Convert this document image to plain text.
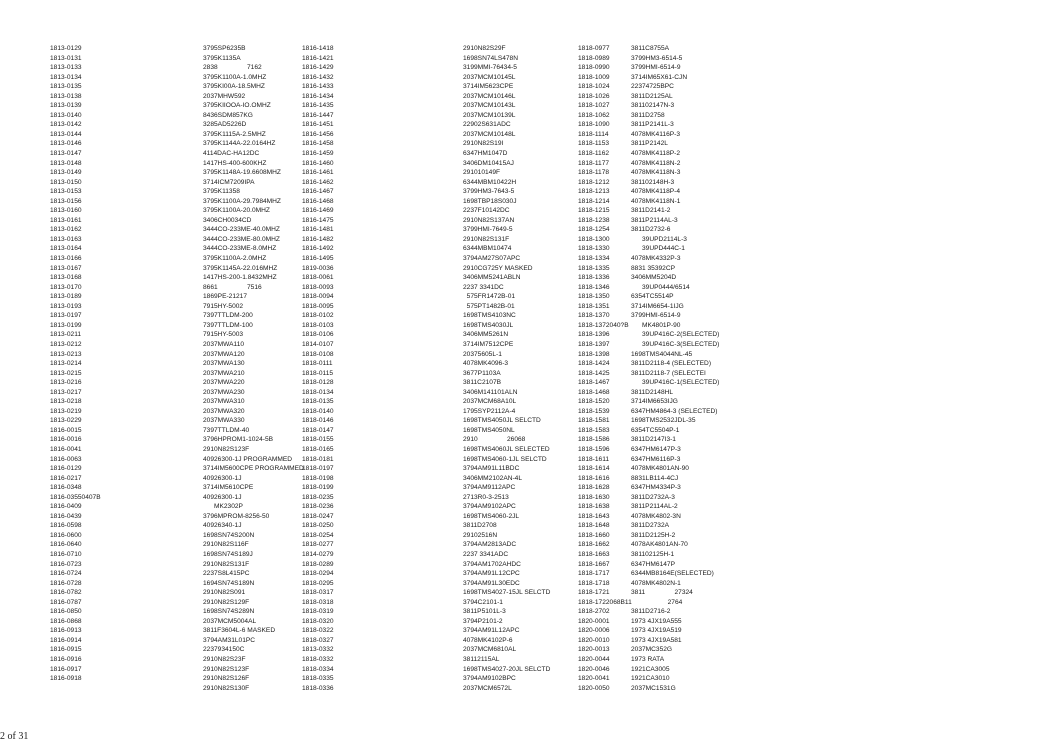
1813-0129
1813-0131
1813-0133
1813-0134
1813-0135
1813-0138
1813-0139
1813-0140
1813-0142
1813-0144
1813-0146
1813-0147
1813-0148
1813-0149
1813-0150
1813-0153
1813-0156
1813-0160
1813-0161
1813-0162
1813-0163
1813-0164
1813-0166
1813-0167
1813-0168
1813-0170
1813-0189
1813-0193
1813-0197
1813-0199
1813-0211
1813-0212
1813-0213
1813-0214
1813-0215
1813-0216
1813-0217
1813-0218
1813-0219
1813-0229
1816-0015
1816-0016
1816-0041
1816-0063
1816-0129
1816-0217
1816-0348
1816-03550407B
1816-0409
1816-0439
1816-0598
1816-0600
1816-0640
1816-0710
1816-0723
1816-0724
1816-0728
1816-0782
1816-0787
1816-0850
1816-0868
1816-0913
1816-0914
1816-0915
1816-0916
1816-0917
1816-0918
3795SP6235B
3795K1135A
2838                7162
3795K1100A-1.0MHZ
3795KI00A-18.5MHZ
2037MHW592
3795KIIOOA-IO.OMHZ
8436SDM857KG
3285AD5226D
3795K1115A-2.5MHZ
3795K1144A-22.0164HZ
4114DAC-HA12DC
1417HS-400-600KHZ
3795K1148A-19.6608MHZ
3714ICM7209IPA
3795K11358
3795K1100A-29.7984MHZ
3795K1100A-20.0MHZ
3406CH0034CD
3444CO-233ME-40.0MHZ
3444CO-233ME-80.0MHZ
3444CO-233ME-8.0MHZ
3795K1100A-2.0MHZ
3795K1145A-22.016MHZ
1417HS-200-1.8432MHZ
8661                7516
1869PE-21217
7915HY-5002
7397TTLDM-200
7397TTLDM-100
7915HY-5003
2037MWA110
2037MWA120
2037MWA130
2037MWA210
2037MWA220
2037MWA230
2037MWA310
2037MWA320
2037MWA330
7397TTLDM-40
3796HPROM1-1024-5B
2910N82S123F
40926300-1J PROGRAMMED
3714IM5600CPE PROGRAMMED
40926300-1J
3714IM5610CPE
40926300-1J
MK2302P
3796MPROM-8256-50
40926340-1J
1698SN74S200N
2910N82S116F
1698SN74S189J
2910N82S131F
2237S8L415PC
1694SN74S189N
2910N82S091
2910N82S129F
1698SN74S289N
2037MCM5004AL
3811F3604L-6 MASKED
3794AM31L01PC
2237934150C
2910N82S23F
2910N82S123F
2910N82S126F
2910N82S130F
1816-1418
1816-1421
1816-1429
1816-1432
1816-1433
1816-1434
1816-1435
1816-1447
1816-1451
1816-1456
1816-1458
1816-1459
1816-1460
1816-1461
1816-1462
1816-1467
1816-1468
1816-1469
1816-1475
1816-1481
1816-1482
1816-1492
1816-1495
1819-0036
1818-0061
1818-0093
1818-0094
1818-0095
1818-0102
1818-0103
1818-0106
1814-0107
1818-0108
1818-0111
1818-0115
1818-0128
1818-0134
1818-0135
1818-0140
1818-0146
1818-0147
1818-0155
1818-0165
1818-0181
1818-0197
1818-0198
1818-0199
1818-0235
1818-0236
1818-0247
1818-0250
1818-0254
1818-0277
1814-0279
1818-0289
1818-0294
1818-0295
1818-0317
1818-0318
1818-0319
1818-0320
1818-0322
1818-0327
1813-0332
1818-0332
1818-0334
1818-0335
1818-0336
2910N82S29F
1698SN74LS478N
3199MMI-76434-5
2037MCM10145L
3714IM5623CPE
2037MCM10146L
2037MCM10143L
2037MCM10139L
22902S631ADC
2037MCM10148L
2910N82S19I
6347HM1047D
3406DM10415AJ
291010149F
6344MBM10422H
3799HM3-7643-5
1698TBP18S030J
2237F10142DC
2910N82S137AN
3799HMI-7649-5
2910N82S131F
6344MBM10474
3794AM27S07APC
2910CG725Y MASKED
3406MM5241ABLN
2237 3341DC
575FR1472B-01
575PT1482B-01
1698TMS4103NC
1698TMS4030JL
3406MM5261N
3714IM7512CPE
20375605L-1
4078MK4096-3
3677P1103A
3811C2107B
3406M141101ALN
2037MCM68A10L
1795SYP2112A-4
1698TMS4050JL SELCTD
1698TMS4050NL
2910                26068
1698TMS4060JL SELECTED
1698TMS4060-1JL SELCTD
3794AM91L11BDC
3406MM2102AN-4L
3794AM9112APC
2713R0-3-2513
3794AM9102APC
1698TMS4060-2JL
3811D2708
29102516N
3794AM2813ADC
2237 3341ADC
3794AM1702AHDC
3794AM91L12CPC
3794AM91L30EDC
1698TMS4027-15JL SELCTD
3794C2101-1
3811P5101L-3
3794P2101-2
3794AM91L12APC
4078MK4102P-6
2037MCM6810AL
38112115AL
1698TMS4027-20JL SELCTD
3794AM9102BPC
2037MCM6572L
1818-0977
1818-0989
1818-0990
1818-1009
1818-1024
1818-1026
1818-1027
1818-1062
1818-1090
1818-1114
1818-1153
1818-1162
1818-1177
1818-1178
1818-1212
1818-1213
1818-1214
1818-1215
1818-1238
1818-1254
1818-1300
1818-1330
1818-1334
1818-1335
1818-1336
1818-1346
1818-1350
1818-1351
1818-1370
1818-1372040?B
1818-1396
1818-1397
1818-1398
1818-1424
1818-1425
1818-1467
1818-1468
1818-1520
1818-1539
1818-1581
1818-1583
1818-1586
1818-1596
1818-1611
1818-1614
1818-1616
1818-1628
1818-1630
1818-1638
1818-1643
1818-1648
1818-1660
1818-1662
1818-1663
1818-1667
1818-1717
1818-1718
1818-1721
1818-1722068B11
1818-2702
1820-0001
1820-0006
1820-0010
1820-0013
1820-0044
1820-0046
1820-0041
1820-0050
3811C8755A
3799HM3-6514-5
3799HMI-6514-9
3714IM65X61-CJN
22374725BPC
3811D2125AL
381102147N-3
3811D2758
3811P2141L-3
4078MK4116P-3
3811P2142L
4078MK4118P-2
4078MK4118N-2
4078MK4118N-3
381102148H-3
4078MK4118P-4
4078MK4118N-1
3811D2141-2
3811P2114AL-3
3811D2732-6
39UPD2114L-3
39UPD444C-1
4078MK4332P-3
8831 35392CP
3406MM5204D
39UP0444/6514
6354TC5514P
3714IM6654-1IJG
3799HMI-6514-9
MK4801P-90
39UP416C-2(SELECTED)
39UP416C-3(SELECTED)
1698TMS4044NL-45
3811D2118-4 (SELECTED)
3811D2118-7 (SELECTEI
39UP416C-1(SELECTED)
3811D2148HL
3714IM6653IJG
6347HM4864-3 (SELECTED)
1698TMS2532JDL-35
6354TC5504P-1
3811D2147I3-1
6347HM6147P-3
6347HM6116P-3
4078MK4801AN-90
8831LB114-4CJ
6347HM4334P-3
3811D2732A-3
3811P2114AL-2
4078MK4802-3N
3811D2732A
3811D2125H-2
4078AK4801AN-70
381102125H-1
6347HM6147P
6344MB8164E(SELECTED)
4078MK4802N-1
3811                27324
2764
3811D2716-2
1973 4JX19A555
1973 4JX19A519
1973 4JX19A581
2037MC352G
1973 RATA
1921CA3005
1921CA3010
2037MC1531G
2 of 31
